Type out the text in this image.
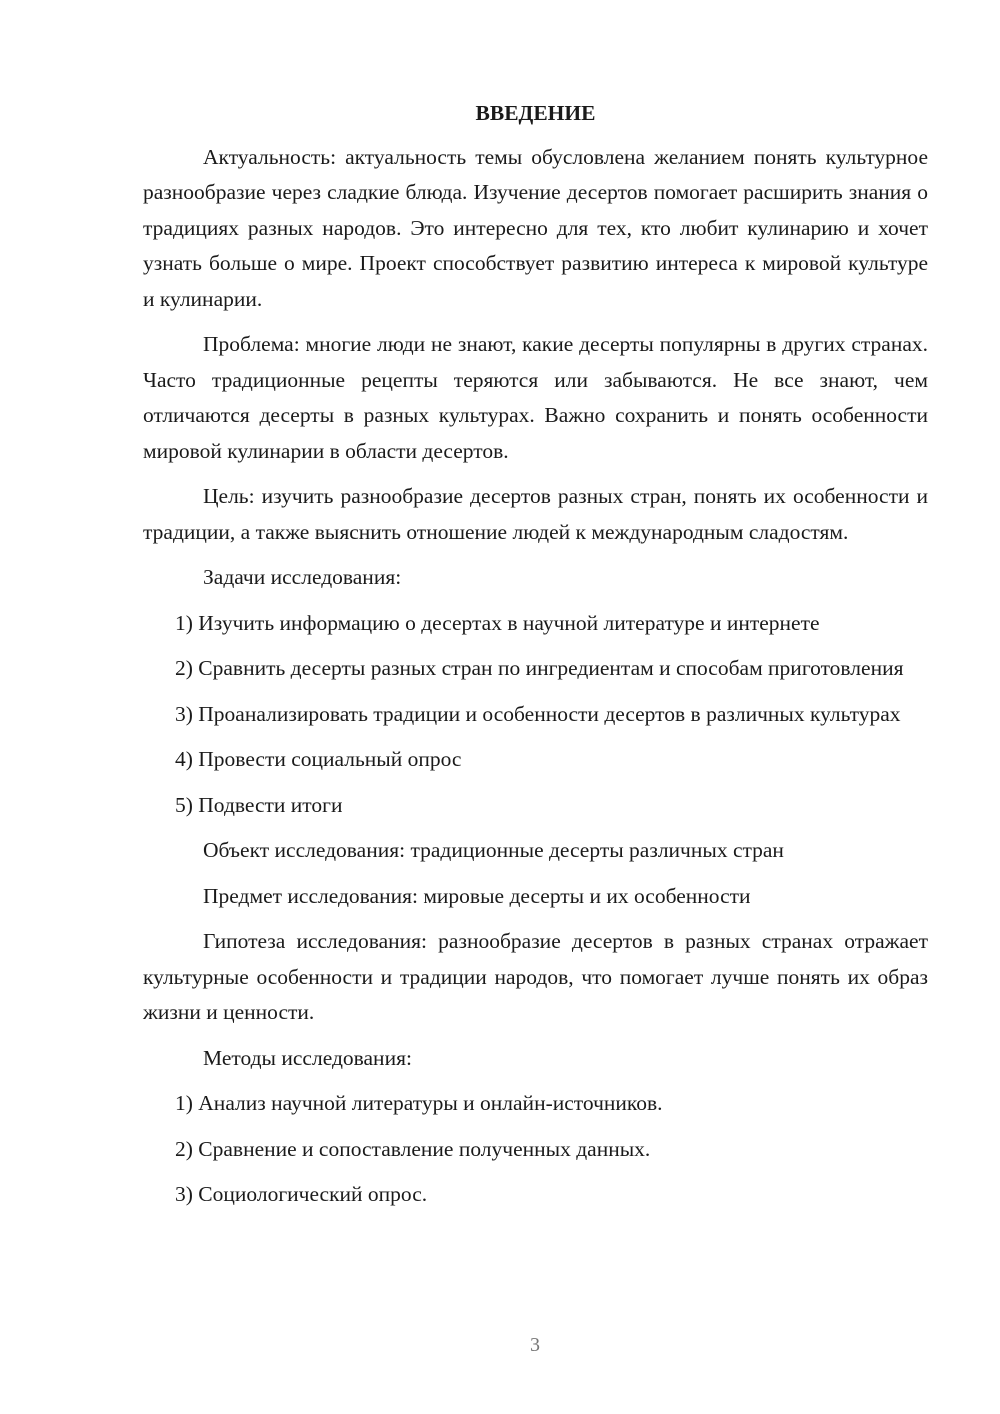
ВВЕДЕНИЕ

Актуальность: актуальность темы обусловлена желанием понять культурное разнообразие через сладкие блюда. Изучение десертов помогает расширить знания о традициях разных народов. Это интересно для тех, кто любит кулинарию и хочет узнать больше о мире. Проект способствует развитию интереса к мировой культуре и кулинарии.

Проблема: многие люди не знают, какие десерты популярны в других странах. Часто традиционные рецепты теряются или забываются. Не все знают, чем отличаются десерты в разных культурах. Важно сохранить и понять особенности мировой кулинарии в области десертов.

Цель: изучить разнообразие десертов разных стран, понять их особенности и традиции, а также выяснить отношение людей к международным сладостям.

Задачи исследования:

1) Изучить информацию о десертах в научной литературе и интернете

2) Сравнить десерты разных стран по ингредиентам и способам приготовления

3) Проанализировать традиции и особенности десертов в различных культурах

4) Провести социальный опрос

5) Подвести итоги

Объект исследования: традиционные десерты различных стран

Предмет исследования: мировые десерты и их особенности

Гипотеза исследования: разнообразие десертов в разных странах отражает культурные особенности и традиции народов, что помогает лучше понять их образ жизни и ценности.

Методы исследования:

1) Анализ научной литературы и онлайн-источников.

2) Сравнение и сопоставление полученных данных.

3) Социологический опрос.

3
